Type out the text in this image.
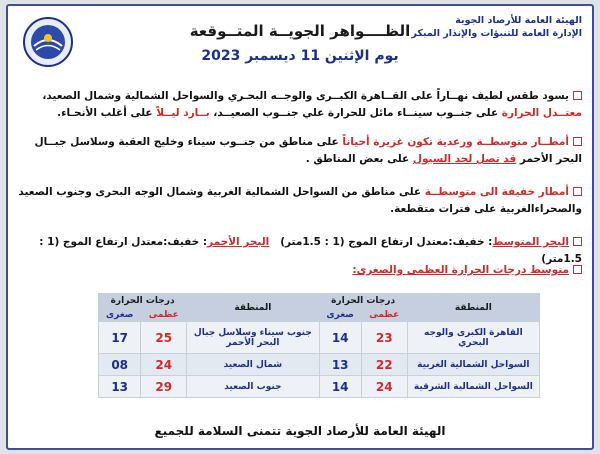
الهيئة العامة للأرصاد الجوية
الإدارة العامة للتنبؤات والإنذار المبكر
الظــــواهر الجويــة المتــوقعة
يوم الإثنين 11 ديسمبر 2023
يسود طقس لطيف نهــاراً على القــاهرة الكبــرى والوجــه البحـري والسواحل الشمالية وشمال الصعيد، معتــدل الحرارة على جنــوب سينــاء مائل للحرارة علي جنــوب الصعيــد، بــارد ليــلاً على أغلب الأنحـاء.
أمطــار متوسطــة ورعدية تكون غزيرة أحياناً على مناطق من جنــوب سيناء وخليج العقبة وسلاسل جبــال البحر الأحمر قد تصل لحد السيول على بعض المناطق .
أمطار خفيفة الى متوسطــة على مناطق من السواحل الشمالية الغربية وشمال الوجه البحرى وجنوب الصعيد والصحراءالغربية على فترات متقطعة.
البحر المتوسط: خفيف:معتدل ارتفاع الموج (1 : 1.5متر)   البحر الأحمر: خفيف:معتدل ارتفاع الموج (1 : 1.5متر)
متوسط درجات الحرارة العظمى والصغرى:
المنطقة	درجات الحرارة		المنطقة	درجات الحرارة	
	عظمى	صغرى		عظمى	صغرى
القاهرة الكبرى والوجه البحري	23	14	جنوب سيناء وسلاسل جبال البحر الأحمر	25	17
السواحل الشمالية الغربية	22	13	شمال الصعيد	24	08
السواحل الشمالية الشرقية	24	14	جنوب الصعيد	29	13
الهيئة العامة للأرصاد الجوية تتمنى السلامة للجميع
